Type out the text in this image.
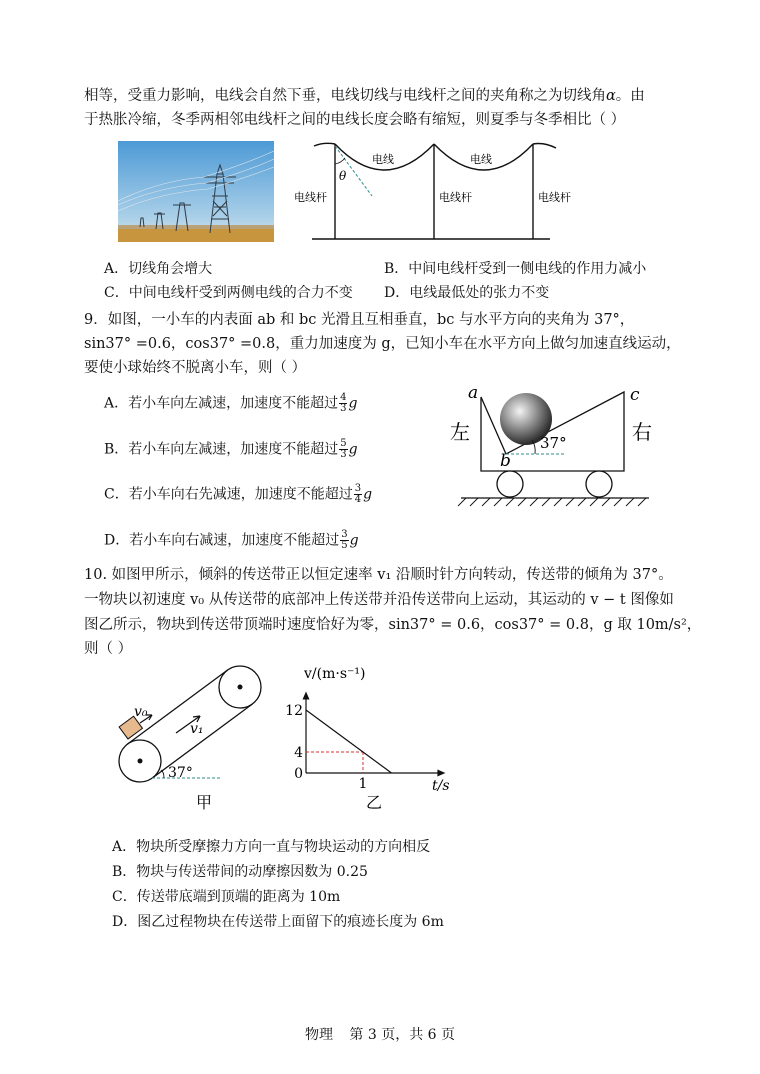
相等，受重力影响，电线会自然下垂，电线切线与电线杆之间的夹角称之为切线角α。由
于热胀冷缩，冬季两相邻电线杆之间的电线长度会略有缩短，则夏季与冬季相比（ ）
θ
电线	电线
电线杆	电线杆	电线杆
A．切线角会增大	B．中间电线杆受到一侧电线的作用力减小
C．中间电线杆受到两侧电线的合力不变 D．电线最低处的张力不变
9．如图，一小车的内表面 ab 和 bc 光滑且互相垂直，bc 与水平方向的夹角为 37°，
sin37° =0.6，cos37° =0.8，重力加速度为 g，已知小车在水平方向上做匀加速直线运动，
要使小球始终不脱离小车，则（ ）
A．若小车向左减速，加速度不能超过 $\frac{4}{3}$ g
B．若小车向左减速，加速度不能超过 $\frac{5}{3}$ g
C．若小车向右先减速，加速度不能超过 $\frac{3}{4}$ g
D．若小车向右减速，加速度不能超过 $\frac{3}{5}$ g
37°
a	c
b
左	右
10. 如图甲所示，倾斜的传送带正以恒定速率 v₁ 沿顺时针方向转动，传送带的倾角为 37°。
一物块以初速度 v₀ 从传送带的底部冲上传送带并沿传送带向上运动，其运动的 v − t 图像如
图乙所示，物块到传送带顶端时速度恰好为零，sin37° = 0.6，cos37° = 0.8，g 取 10m/s²，
则（ ）
v₀
v₁
37°
甲
v/(m·s⁻¹)
t/s
12
4
0
1
乙
A．物块所受摩擦力方向一直与物块运动的方向相反
B．物块与传送带间的动摩擦因数为 0.25
C．传送带底端到顶端的距离为 10m
D．图乙过程物块在传送带上面留下的痕迹长度为 6m
物理 第 3 页，共 6 页
